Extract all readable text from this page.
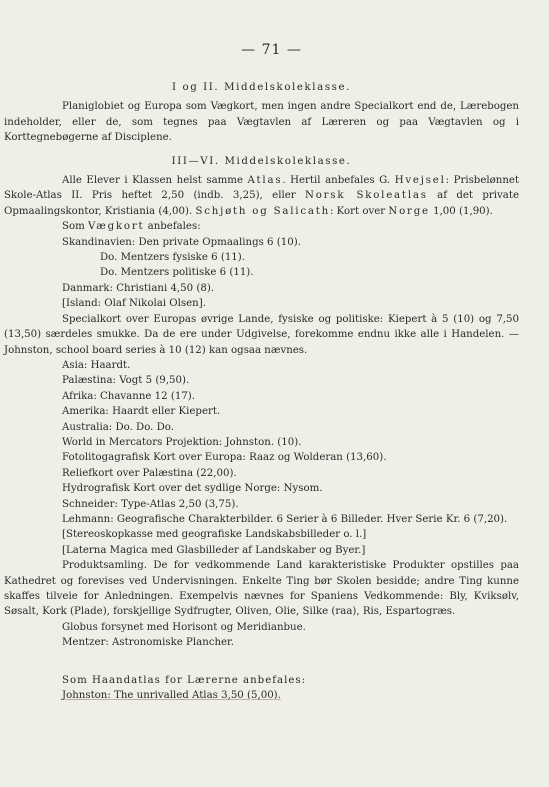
— 71 —
I og II. Middelskoleklasse.

Planiglobiet og Europa som Vægkort, men ingen andre Specialkort end de, Lærebogen indeholder, eller de, som tegnes paa Vægtavlen af Læreren og paa Vægtavlen og i Korttegnebøgerne af Disciplene.

III—VI. Middelskoleklasse.

Alle Elever i Klassen helst samme Atlas. Hertil anbefales G. Hvejsel: Prisbelønnet Skole-Atlas II. Pris heftet 2,50 (indb. 3,25), eller Norsk Skoleatlas af det private Opmaalingskontor, Kristiania (4,00). Schjøth og Salicath: Kort over Norge 1,00 (1,90).

Som Vægkort anbefales:

Skandinavien: Den private Opmaalings 6 (10).

Do. Mentzers fysiske 6 (11).

Do. Mentzers politiske 6 (11).

Danmark: Christiani 4,50 (8).

[Island: Olaf Nikolai Olsen].

Specialkort over Europas øvrige Lande, fysiske og politiske: Kiepert à 5 (10) og 7,50 (13,50) særdeles smukke. Da de ere under Udgivelse, forekomme endnu ikke alle i Handelen. — Johnston, school board series à 10 (12) kan ogsaa nævnes.

Asia: Haardt.

Palæstina: Vogt 5 (9,50).

Afrika: Chavanne 12 (17).

Amerika: Haardt eller Kiepert.

Australia: Do. Do. Do.

World in Mercators Projektion: Johnston. (10).

Fotolitogagrafisk Kort over Europa: Raaz og Wolderan (13,60).

Reliefkort over Palæstina (22,00).

Hydrografisk Kort over det sydlige Norge: Nysom.

Schneider: Type-Atlas 2,50 (3,75).

Lehmann: Geografische Charakterbilder. 6 Serier à 6 Billeder. Hver Serie Kr. 6 (7,20).

[Stereoskopkasse med geografiske Landskabsbilleder o. l.]

[Laterna Magica med Glasbilleder af Landskaber og Byer.]

Produktsamling. De for vedkommende Land karakteristiske Produkter opstilles paa Kathedret og forevises ved Undervisningen. Enkelte Ting bør Skolen besidde; andre Ting kunne skaffes tilveie for Anledningen. Exempelvis nævnes for Spaniens Vedkommende: Bly, Kviksølv, Søsalt, Kork (Plade), forskjellige Sydfrugter, Oliven, Olie, Silke (raa), Ris, Espartogræs.

Globus forsynet med Horisont og Meridianbue.

Mentzer: Astronomiske Plancher.

Som Haandatlas for Lærerne anbefales:

Johnston: The unrivalled Atlas 3,50 (5,00).
